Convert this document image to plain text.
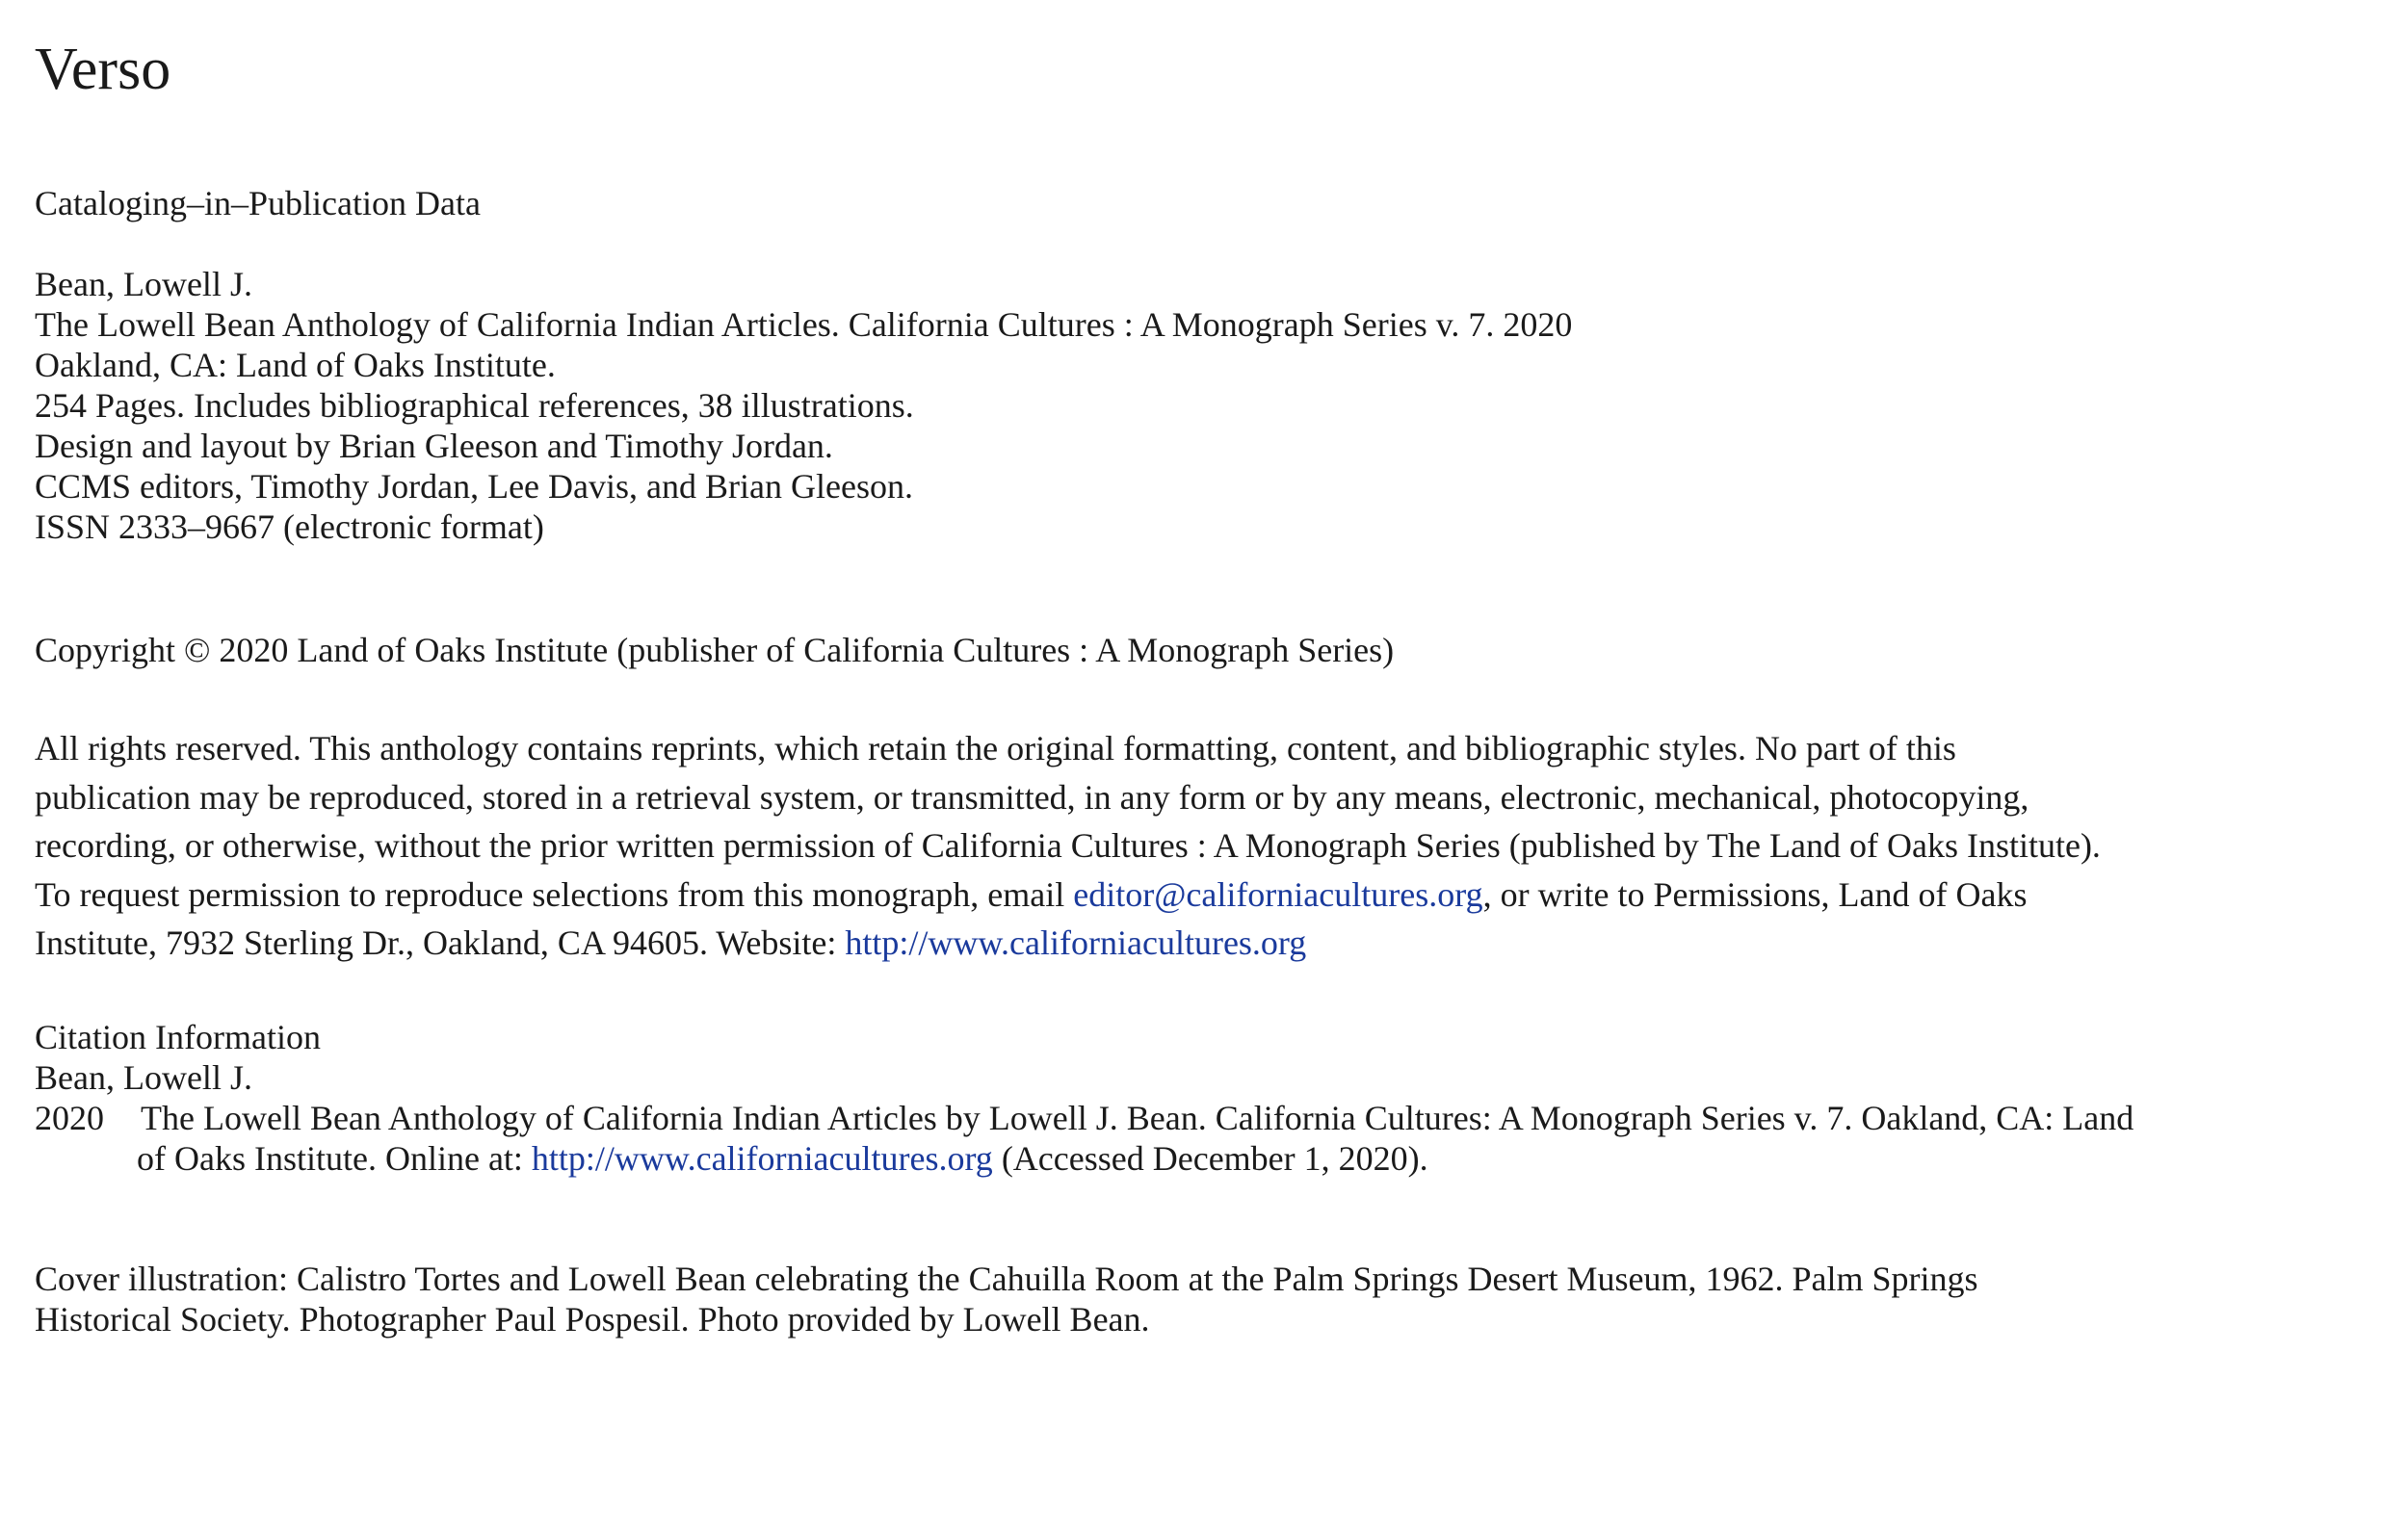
Verso
Cataloging–in–Publication Data
Bean, Lowell J.
The Lowell Bean Anthology of California Indian Articles. California Cultures : A Monograph Series v. 7. 2020
Oakland, CA: Land of Oaks Institute.
254 Pages. Includes bibliographical references, 38 illustrations.
Design and layout by Brian Gleeson and Timothy Jordan.
CCMS editors, Timothy Jordan, Lee Davis, and Brian Gleeson.
ISSN 2333–9667 (electronic format)
Copyright © 2020 Land of Oaks Institute (publisher of California Cultures : A Monograph Series)
All rights reserved. This anthology contains reprints, which retain the original formatting, content, and bibliographic styles. No part of this
publication may be reproduced, stored in a retrieval system, or transmitted, in any form or by any means, electronic, mechanical, photocopying,
recording, or otherwise, without the prior written permission of California Cultures : A Monograph Series (published by The Land of Oaks Institute).
To request permission to reproduce selections from this monograph, email editor@californiacultures.org, or write to Permissions, Land of Oaks
Institute, 7932 Sterling Dr., Oakland, CA 94605. Website: http://www.californiacultures.org
Citation Information
Bean, Lowell J.
2020 The Lowell Bean Anthology of California Indian Articles by Lowell J. Bean. California Cultures: A Monograph Series v. 7. Oakland, CA: Land
of Oaks Institute. Online at: http://www.californiacultures.org (Accessed December 1, 2020).
Cover illustration: Calistro Tortes and Lowell Bean celebrating the Cahuilla Room at the Palm Springs Desert Museum, 1962. Palm Springs
Historical Society. Photographer Paul Pospesil. Photo provided by Lowell Bean.
